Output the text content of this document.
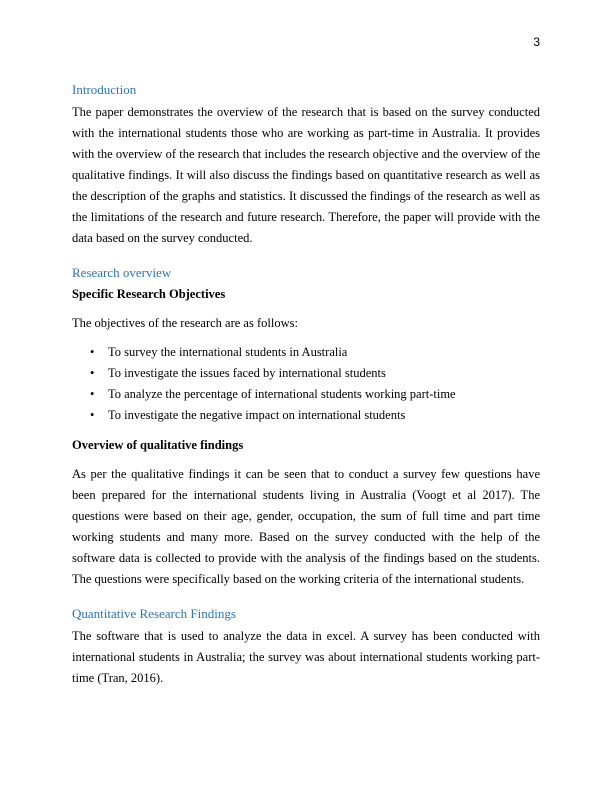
3
Introduction

The paper demonstrates the overview of the research that is based on the survey conducted with the international students those who are working as part-time in Australia. It provides with the overview of the research that includes the research objective and the overview of the qualitative findings. It will also discuss the findings based on quantitative research as well as the description of the graphs and statistics. It discussed the findings of the research as well as the limitations of the research and future research. Therefore, the paper will provide with the data based on the survey conducted.

Research overview
Specific Research Objectives

The objectives of the research are as follows:

• To survey the international students in Australia
• To investigate the issues faced by international students
• To analyze the percentage of international students working part-time
• To investigate the negative impact on international students
Overview of qualitative findings

As per the qualitative findings it can be seen that to conduct a survey few questions have been prepared for the international students living in Australia (Voogt et al 2017). The questions were based on their age, gender, occupation, the sum of full time and part time working students and many more. Based on the survey conducted with the help of the software data is collected to provide with the analysis of the findings based on the students. The questions were specifically based on the working criteria of the international students.

Quantitative Research Findings

The software that is used to analyze the data in excel. A survey has been conducted with international students in Australia; the survey was about international students working part-time (Tran, 2016).
